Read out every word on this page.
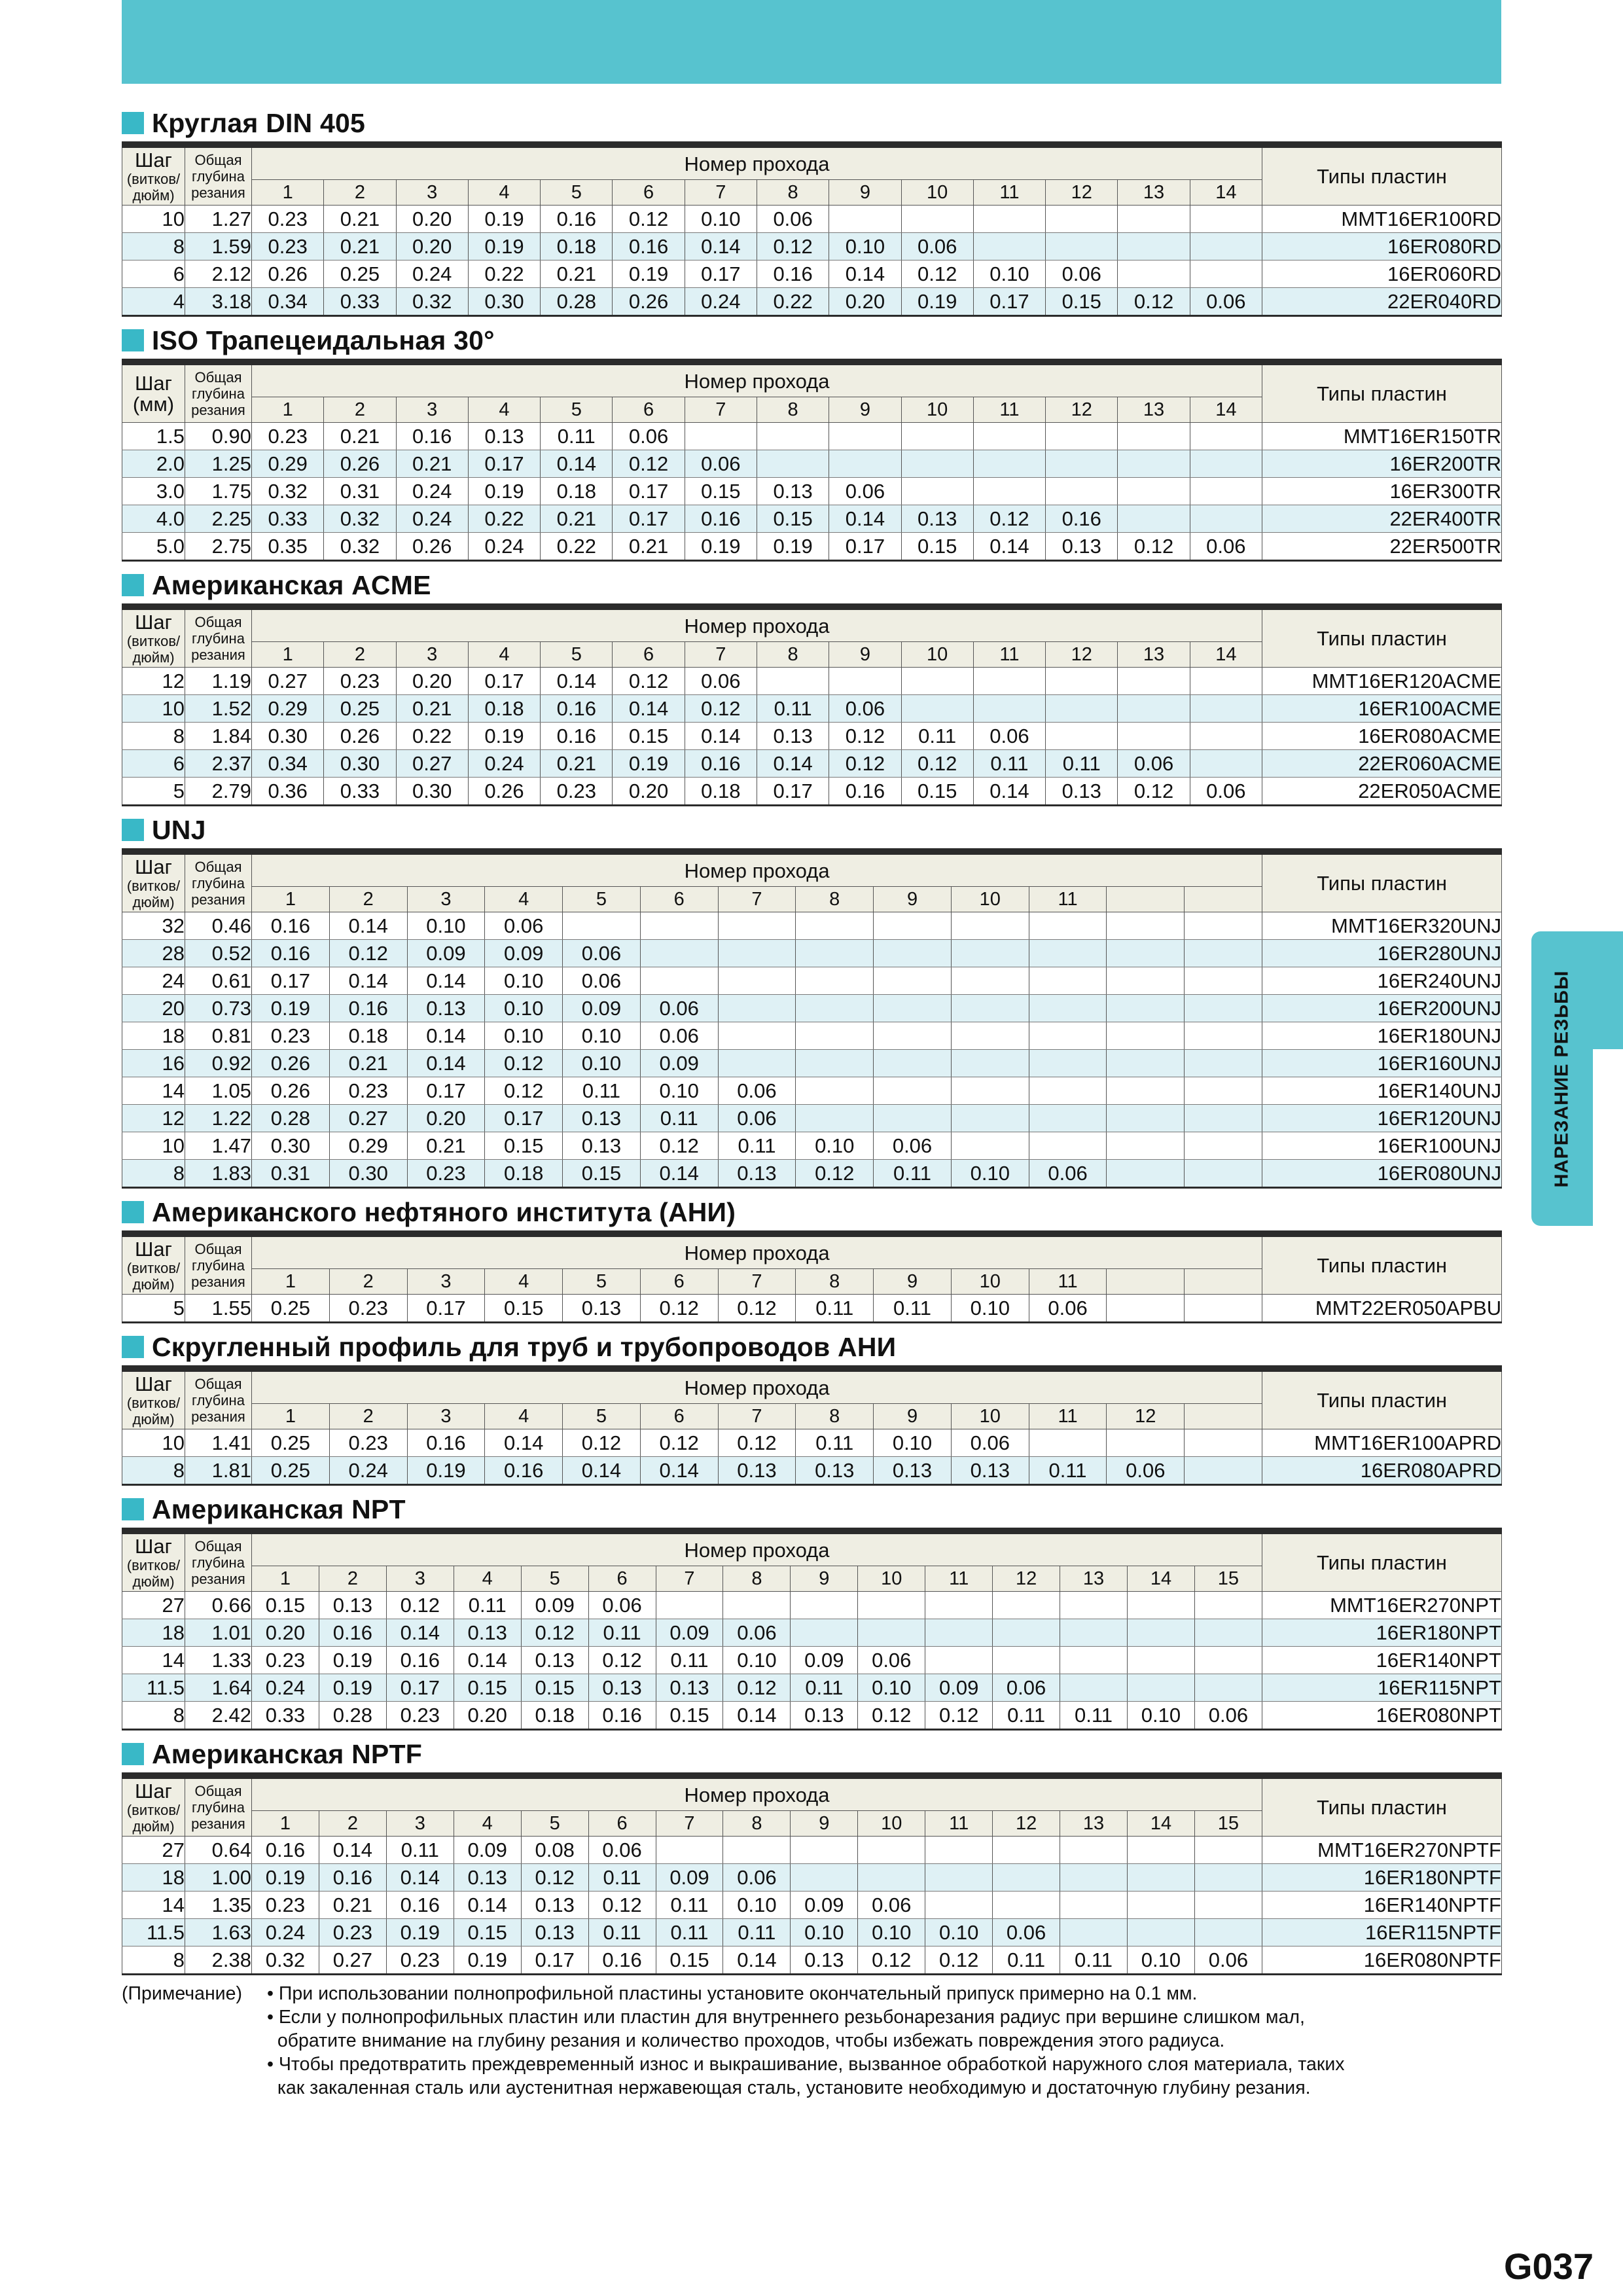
Круглая DIN 405
Шаг
(витков/
дюйм)	Общая
глубина
резания	Номер прохода														Типы пластин
		1	2	3	4	5	6	7	8	9	10	11	12	13	14	
10	1.27	0.23	0.21	0.20	0.19	0.16	0.12	0.10	0.06							MMT16ER100RD
8	1.59	0.23	0.21	0.20	0.19	0.18	0.16	0.14	0.12	0.10	0.06					16ER080RD
6	2.12	0.26	0.25	0.24	0.22	0.21	0.19	0.17	0.16	0.14	0.12	0.10	0.06			16ER060RD
4	3.18	0.34	0.33	0.32	0.30	0.28	0.26	0.24	0.22	0.20	0.19	0.17	0.15	0.12	0.06	22ER040RD
ISO Трапецеидальная 30°
Шаг
(мм)	Общая
глубина
резания	Номер прохода														Типы пластин
		1	2	3	4	5	6	7	8	9	10	11	12	13	14	
1.5	0.90	0.23	0.21	0.16	0.13	0.11	0.06									MMT16ER150TR
2.0	1.25	0.29	0.26	0.21	0.17	0.14	0.12	0.06								16ER200TR
3.0	1.75	0.32	0.31	0.24	0.19	0.18	0.17	0.15	0.13	0.06						16ER300TR
4.0	2.25	0.33	0.32	0.24	0.22	0.21	0.17	0.16	0.15	0.14	0.13	0.12	0.16			22ER400TR
5.0	2.75	0.35	0.32	0.26	0.24	0.22	0.21	0.19	0.19	0.17	0.15	0.14	0.13	0.12	0.06	22ER500TR
Американская ACME
Шаг
(витков/
дюйм)	Общая
глубина
резания	Номер прохода														Типы пластин
		1	2	3	4	5	6	7	8	9	10	11	12	13	14	
12	1.19	0.27	0.23	0.20	0.17	0.14	0.12	0.06								MMT16ER120ACME
10	1.52	0.29	0.25	0.21	0.18	0.16	0.14	0.12	0.11	0.06						16ER100ACME
8	1.84	0.30	0.26	0.22	0.19	0.16	0.15	0.14	0.13	0.12	0.11	0.06				16ER080ACME
6	2.37	0.34	0.30	0.27	0.24	0.21	0.19	0.16	0.14	0.12	0.12	0.11	0.11	0.06		22ER060ACME
5	2.79	0.36	0.33	0.30	0.26	0.23	0.20	0.18	0.17	0.16	0.15	0.14	0.13	0.12	0.06	22ER050ACME
UNJ
Шаг
(витков/
дюйм)	Общая
глубина
резания	Номер прохода													Типы пластин
		1	2	3	4	5	6	7	8	9	10	11			
32	0.46	0.16	0.14	0.10	0.06										MMT16ER320UNJ
28	0.52	0.16	0.12	0.09	0.09	0.06									16ER280UNJ
24	0.61	0.17	0.14	0.14	0.10	0.06									16ER240UNJ
20	0.73	0.19	0.16	0.13	0.10	0.09	0.06								16ER200UNJ
18	0.81	0.23	0.18	0.14	0.10	0.10	0.06								16ER180UNJ
16	0.92	0.26	0.21	0.14	0.12	0.10	0.09								16ER160UNJ
14	1.05	0.26	0.23	0.17	0.12	0.11	0.10	0.06							16ER140UNJ
12	1.22	0.28	0.27	0.20	0.17	0.13	0.11	0.06							16ER120UNJ
10	1.47	0.30	0.29	0.21	0.15	0.13	0.12	0.11	0.10	0.06					16ER100UNJ
8	1.83	0.31	0.30	0.23	0.18	0.15	0.14	0.13	0.12	0.11	0.10	0.06			16ER080UNJ
Американского нефтяного института (АНИ)
Шаг
(витков/
дюйм)	Общая
глубина
резания	Номер прохода													Типы пластин
		1	2	3	4	5	6	7	8	9	10	11			
5	1.55	0.25	0.23	0.17	0.15	0.13	0.12	0.12	0.11	0.11	0.10	0.06			MMT22ER050APBU
Скругленный профиль для труб и трубопроводов АНИ
Шаг
(витков/
дюйм)	Общая
глубина
резания	Номер прохода													Типы пластин
		1	2	3	4	5	6	7	8	9	10	11	12		
10	1.41	0.25	0.23	0.16	0.14	0.12	0.12	0.12	0.11	0.10	0.06				MMT16ER100APRD
8	1.81	0.25	0.24	0.19	0.16	0.14	0.14	0.13	0.13	0.13	0.13	0.11	0.06		16ER080APRD
Американская NPT
Шаг
(витков/
дюйм)	Общая
глубина
резания	Номер прохода															Типы пластин
		1	2	3	4	5	6	7	8	9	10	11	12	13	14	15	
27	0.66	0.15	0.13	0.12	0.11	0.09	0.06										MMT16ER270NPT
18	1.01	0.20	0.16	0.14	0.13	0.12	0.11	0.09	0.06								16ER180NPT
14	1.33	0.23	0.19	0.16	0.14	0.13	0.12	0.11	0.10	0.09	0.06						16ER140NPT
11.5	1.64	0.24	0.19	0.17	0.15	0.15	0.13	0.13	0.12	0.11	0.10	0.09	0.06				16ER115NPT
8	2.42	0.33	0.28	0.23	0.20	0.18	0.16	0.15	0.14	0.13	0.12	0.12	0.11	0.11	0.10	0.06	16ER080NPT
Американская NPTF
Шаг
(витков/
дюйм)	Общая
глубина
резания	Номер прохода															Типы пластин
		1	2	3	4	5	6	7	8	9	10	11	12	13	14	15	
27	0.64	0.16	0.14	0.11	0.09	0.08	0.06										MMT16ER270NPTF
18	1.00	0.19	0.16	0.14	0.13	0.12	0.11	0.09	0.06								16ER180NPTF
14	1.35	0.23	0.21	0.16	0.14	0.13	0.12	0.11	0.10	0.09	0.06						16ER140NPTF
11.5	1.63	0.24	0.23	0.19	0.15	0.13	0.11	0.11	0.11	0.10	0.10	0.10	0.06				16ER115NPTF
8	2.38	0.32	0.27	0.23	0.19	0.17	0.16	0.15	0.14	0.13	0.12	0.12	0.11	0.11	0.10	0.06	16ER080NPTF
(Примечание)	• При использовании полнопрофильной пластины установите окончательный припуск примерно на 0.1 мм.
• Если у полнопрофильных пластин или пластин для внутреннего резьбонарезания радиус при вершине слишком мал,
обратите внимание на глубину резания и количество проходов, чтобы избежать повреждения этого радиуса.
• Чтобы предотвратить преждевременный износ и выкрашивание, вызванное обработкой наружного слоя материала, таких
как закаленная сталь или аустенитная нержавеющая сталь, установите необходимую и достаточную глубину резания.
НАРЕЗАНИЕ РЕЗЬБЫ
G037
